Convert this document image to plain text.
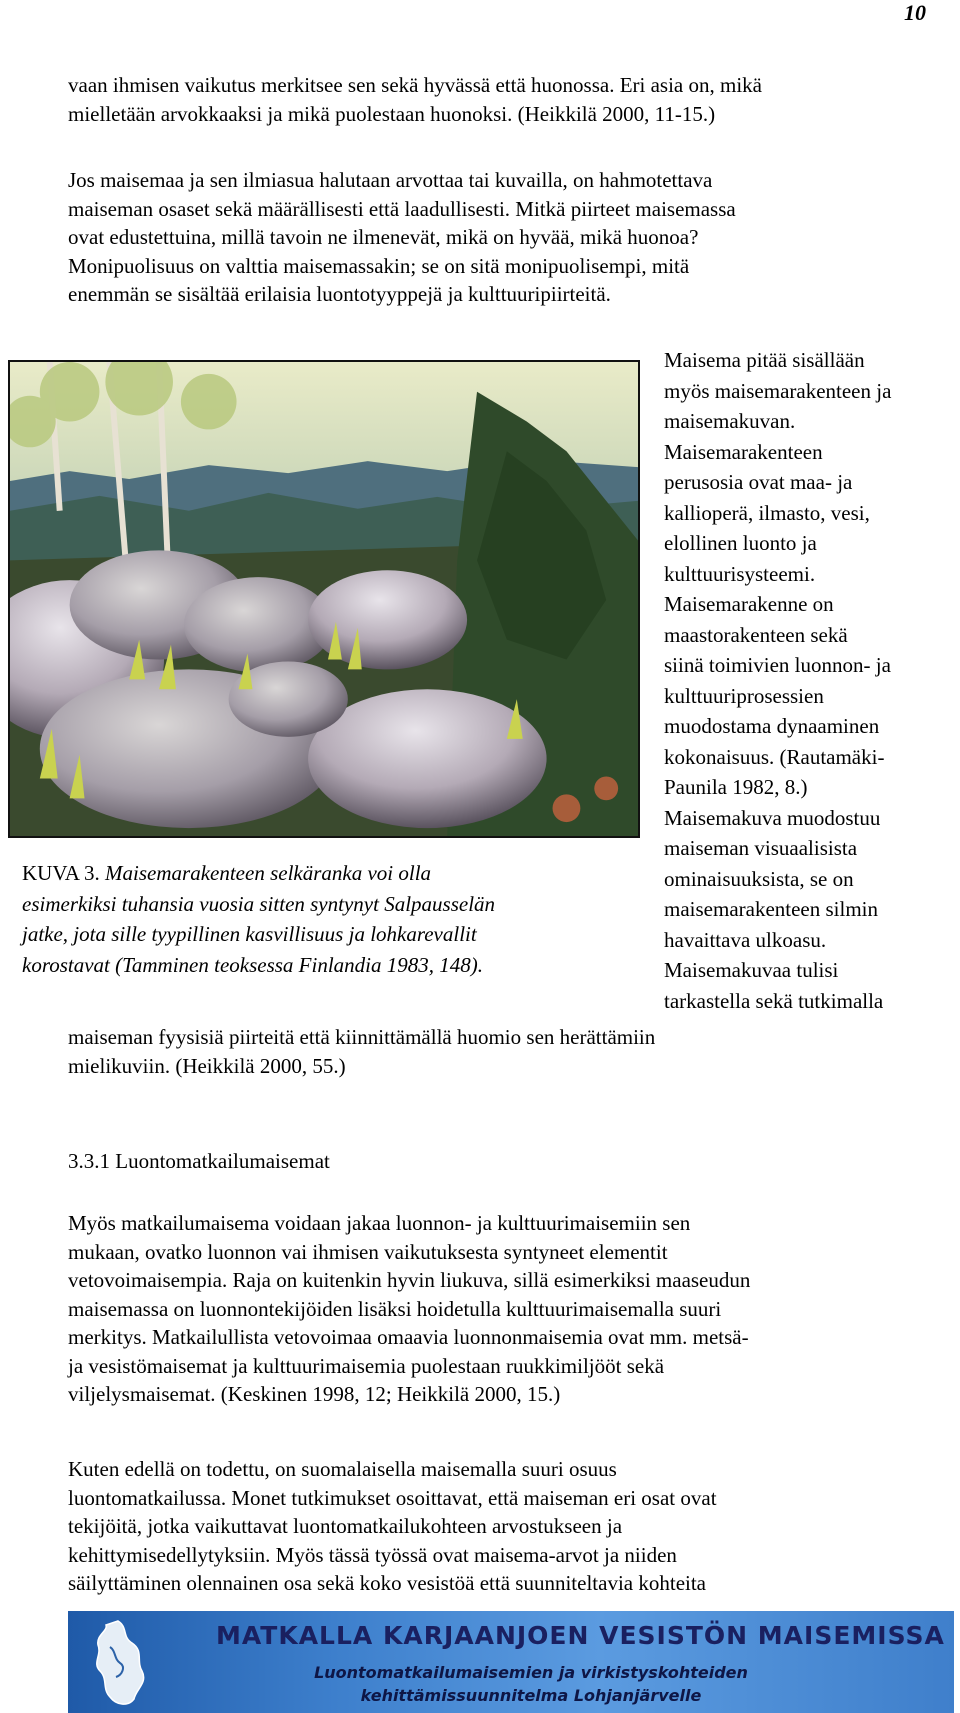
10
vaan ihmisen vaikutus merkitsee sen sekä hyvässä että huonossa. Eri asia on, mikä
mielletään arvokkaaksi ja mikä puolestaan huonoksi. (Heikkilä 2000, 11-15.)
Jos maisemaa ja sen ilmiasua halutaan arvottaa tai kuvailla, on hahmotettava
maiseman osaset sekä määrällisesti että laadullisesti. Mitkä piirteet maisemassa
ovat edustettuina, millä tavoin ne ilmenevät, mikä on hyvää, mikä huonoa?
Monipuolisuus on valttia maisemassakin; se on sitä monipuolisempi, mitä
enemmän se sisältää erilaisia luontotyyppejä ja kulttuuripiirteitä.
Maisema pitää sisällään
myös maisemarakenteen ja
maisemakuvan.
Maisemarakenteen
perusosia ovat maa- ja
kallioperä, ilmasto, vesi,
elollinen luonto ja
kulttuurisysteemi.
Maisemarakenne on
maastorakenteen sekä
siinä toimivien luonnon- ja
kulttuuriprosessien
muodostama dynaaminen
kokonaisuus. (Rautamäki-
Paunila 1982, 8.)
Maisemakuva muodostuu
maiseman visuaalisista
ominaisuuksista, se on
maisemarakenteen silmin
havaittava ulkoasu.
Maisemakuvaa tulisi
tarkastella sekä tutkimalla
KUVA 3. Maisemarakenteen selkäranka voi olla
esimerkiksi tuhansia vuosia sitten syntynyt Salpausselän
jatke, jota sille tyypillinen kasvillisuus ja lohkarevallit
korostavat (Tamminen teoksessa Finlandia 1983, 148).
maiseman fyysisiä piirteitä että kiinnittämällä huomio sen herättämiin
mielikuviin. (Heikkilä 2000, 55.)
3.3.1 Luontomatkailumaisemat
Myös matkailumaisema voidaan jakaa luonnon- ja kulttuurimaisemiin sen
mukaan, ovatko luonnon vai ihmisen vaikutuksesta syntyneet elementit
vetovoimaisempia. Raja on kuitenkin hyvin liukuva, sillä esimerkiksi maaseudun
maisemassa on luonnontekijöiden lisäksi hoidetulla kulttuurimaisemalla suuri
merkitys. Matkailullista vetovoimaa omaavia luonnonmaisemia ovat mm. metsä-
ja vesistömaisemat ja kulttuurimaisemia puolestaan ruukkimiljööt sekä
viljelysmaisemat. (Keskinen 1998, 12; Heikkilä 2000, 15.)
Kuten edellä on todettu, on suomalaisella maisemalla suuri osuus
luontomatkailussa. Monet tutkimukset osoittavat, että maiseman eri osat ovat
tekijöitä, jotka vaikuttavat luontomatkailukohteen arvostukseen ja
kehittymisedellytyksiin. Myös tässä työssä ovat maisema-arvot ja niiden
säilyttäminen olennainen osa sekä koko vesistöä että suunniteltavia kohteita
MATKALLA KARJAANJOEN VESISTÖN MAISEMISSA
Luontomatkailumaisemien ja virkistyskohteiden
kehittämissuunnitelma Lohjanjärvelle
